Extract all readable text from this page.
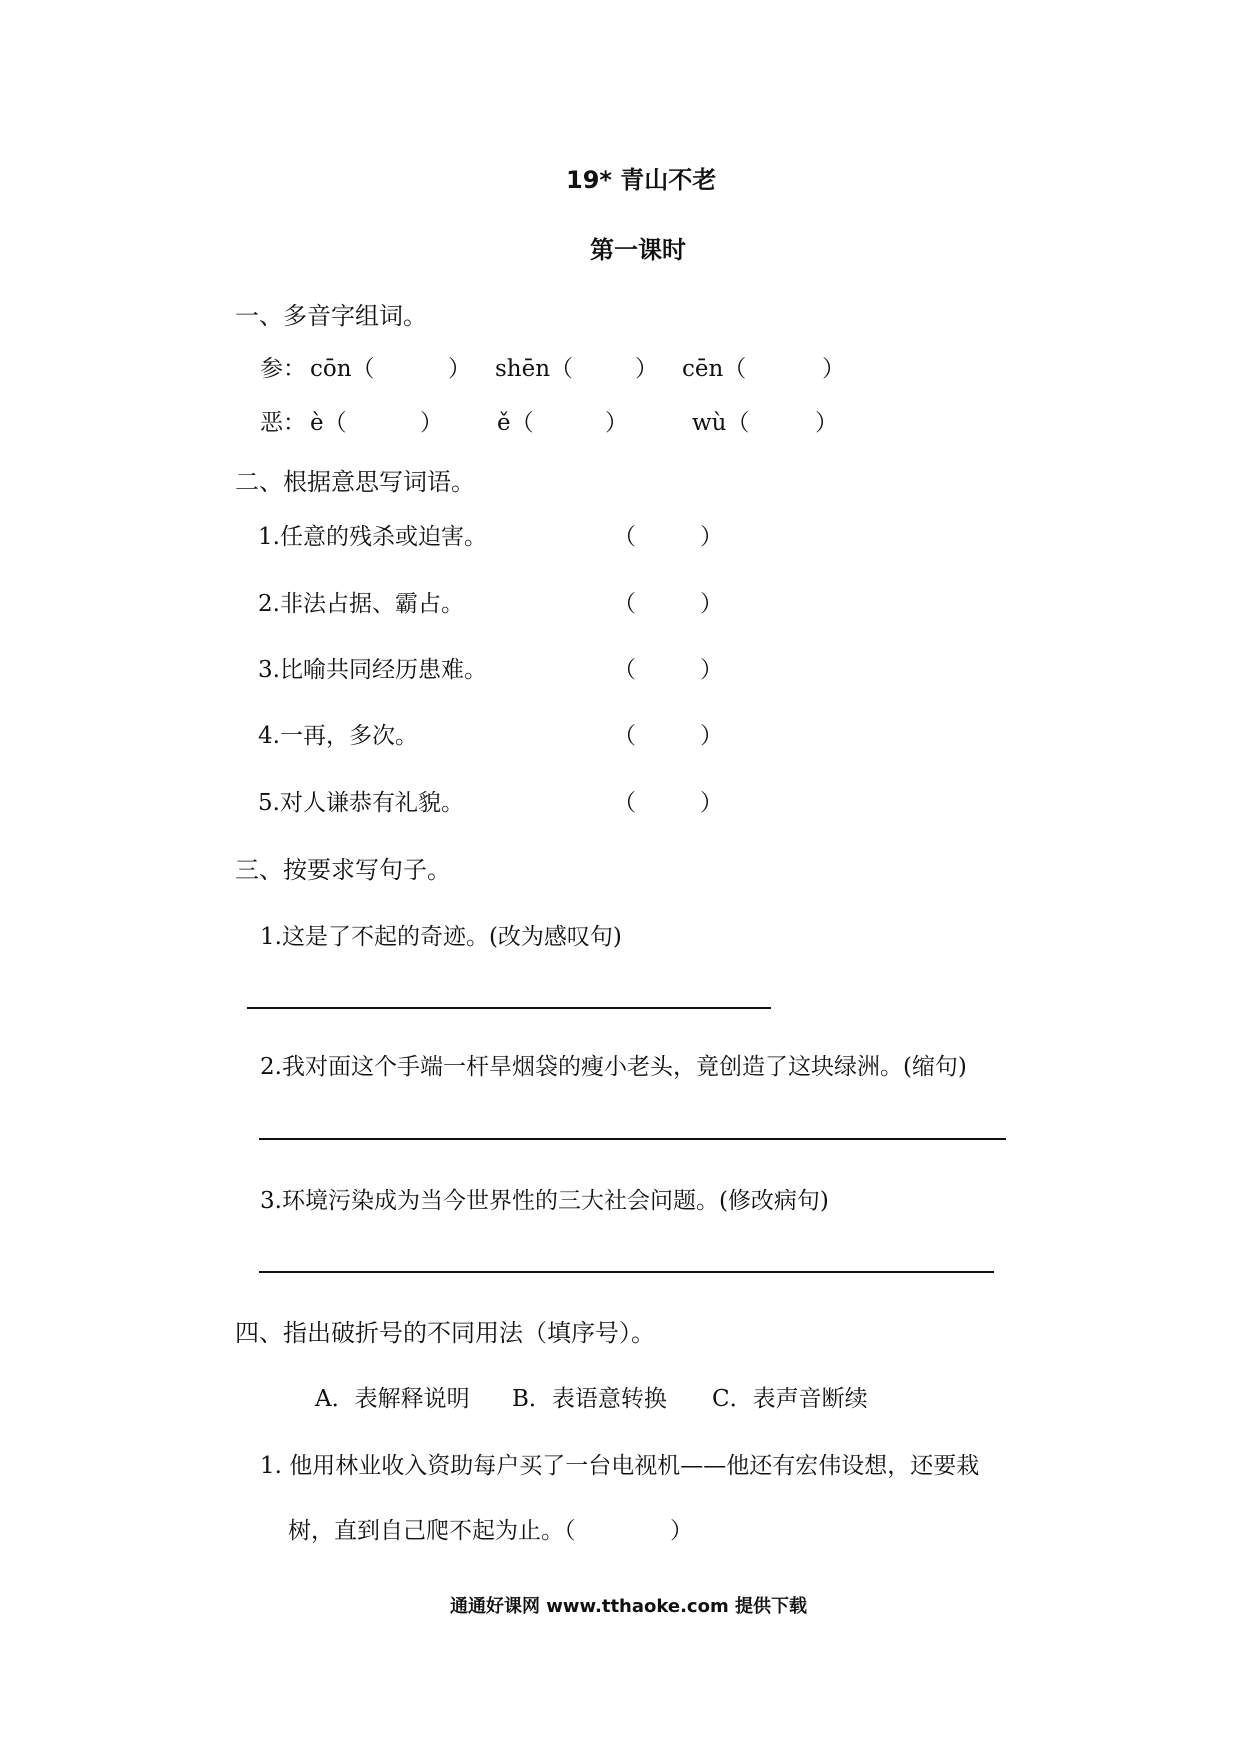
19* 青山不老
第一课时
一、多音字组词。
参： cōn（	） shēn（	） cēn（	）
恶： è（	） ě（	）	wù（	）
二、根据意思写词语。
1.任意的残杀或迫害。	（	）
2.非法占据、霸占。	（	）
3.比喻共同经历患难。	（	）
4.一再，多次。	（	）
5.对人谦恭有礼貌。	（	）
三、按要求写句子。
1.这是了不起的奇迹。(改为感叹句)
2.我对面这个手端一杆旱烟袋的瘦小老头，竟创造了这块绿洲。(缩句)
3.环境污染成为当今世界性的三大社会问题。(修改病句)
四、指出破折号的不同用法（填序号）。
A．表解释说明 B．表语意转换 C．表声音断续
1. 他用林业收入资助每户买了一台电视机——他还有宏伟设想，还要栽
树，直到自己爬不起为止。（	）
通通好课网 www.tthaoke.com 提供下载
